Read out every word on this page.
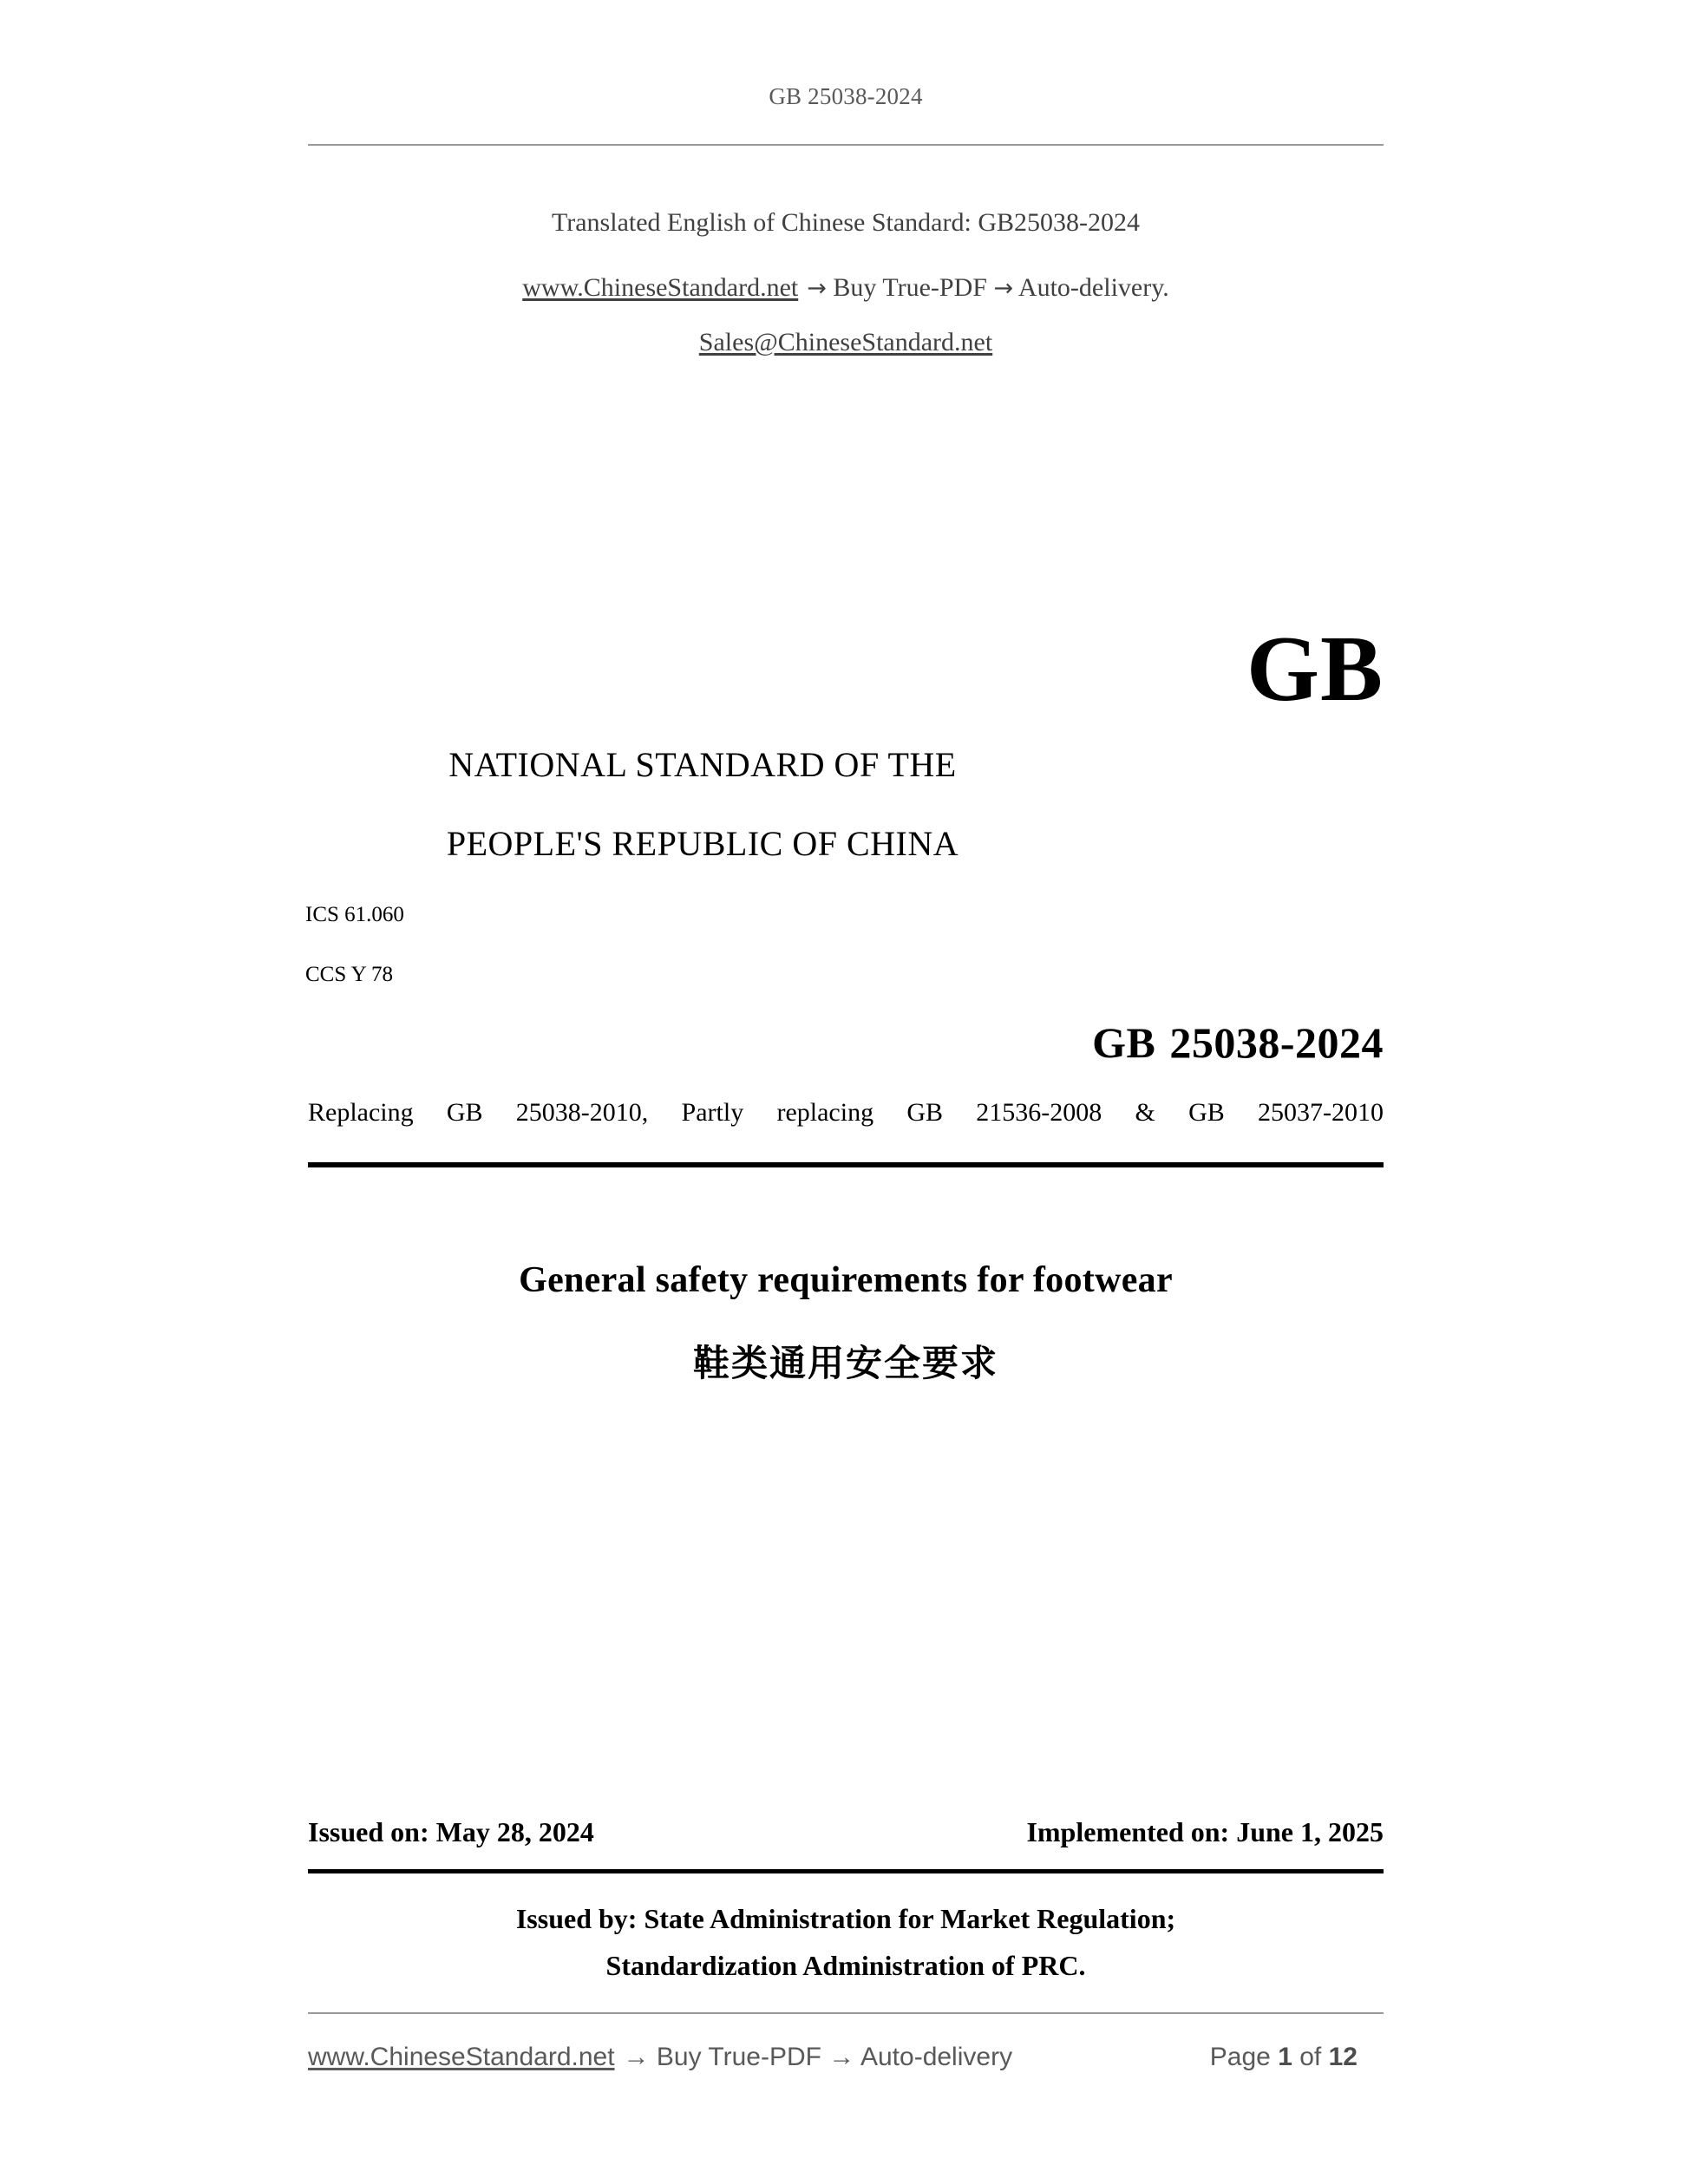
GB 25038-2024
Translated English of Chinese Standard: GB25038-2024
www.ChineseStandard.net → Buy True-PDF → Auto-delivery.
Sales@ChineseStandard.net
GB
NATIONAL STANDARD OF THE
PEOPLE'S REPUBLIC OF CHINA
ICS 61.060
CCS Y 78
GB 25038-2024
Replacing GB 25038-2010, Partly replacing GB 21536-2008 & GB 25037-2010
General safety requirements for footwear
鞋类通用安全要求
Issued on: May 28, 2024	Implemented on: June 1, 2025
Issued by: State Administration for Market Regulation;
Standardization Administration of PRC.
www.ChineseStandard.net → Buy True-PDF → Auto-delivery	Page 1 of 12
